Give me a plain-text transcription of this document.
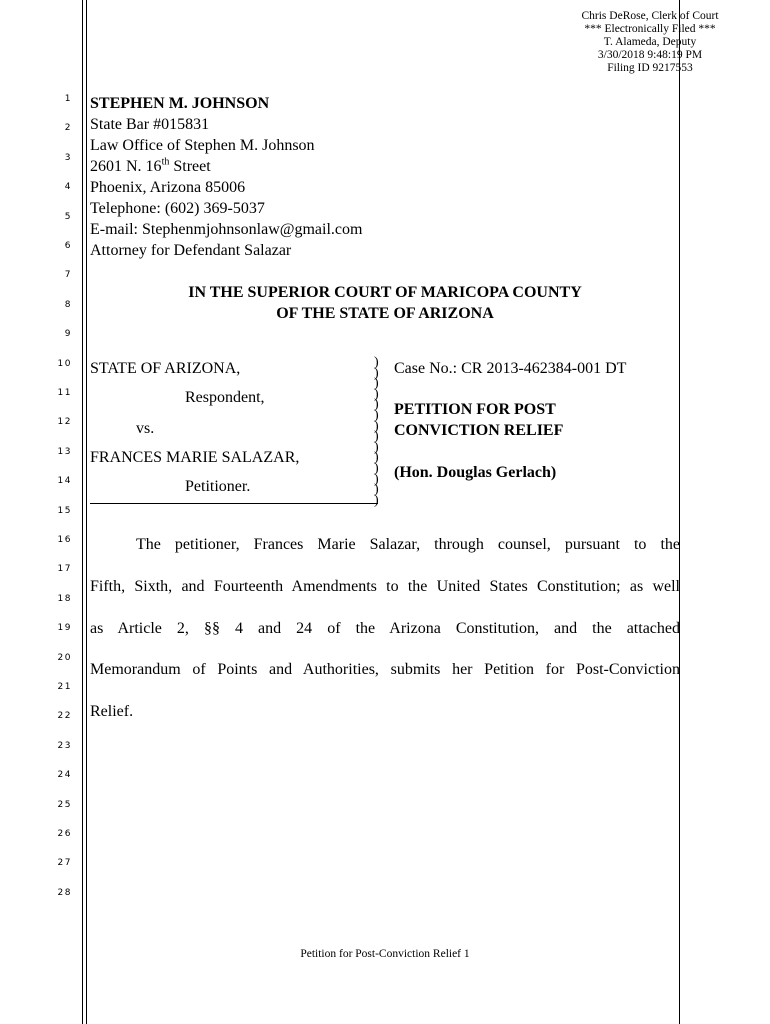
Chris DeRose, Clerk of Court
*** Electronically Filed ***
T. Alameda, Deputy
3/30/2018 9:48:19 PM
Filing ID 9217553
1
2
3
4
5
6
7
8
9
10
11
12
13
14
15
16
17
18
19
20
21
22
23
24
25
26
27
28
STEPHEN M. JOHNSON
State Bar #015831
Law Office of Stephen M. Johnson
2601 N. 16th Street
Phoenix, Arizona 85006
Telephone: (602) 369-5037
E-mail: Stephenmjohnsonlaw@gmail.com
Attorney for Defendant Salazar
IN THE SUPERIOR COURT OF MARICOPA COUNTY
OF THE STATE OF ARIZONA
STATE OF ARIZONA,
Respondent,
vs.
FRANCES MARIE SALAZAR,
Petitioner.
)
)
)
)
)
)
)
)
)
)
)
)
)
)
Case No.: CR 2013-462384-001 DT
PETITION FOR POST
CONVICTION RELIEF
(Hon. Douglas Gerlach)
The petitioner, Frances Marie Salazar, through counsel, pursuant to the
Fifth, Sixth, and Fourteenth Amendments to the United States Constitution; as well
as Article 2, §§ 4 and 24 of the Arizona Constitution, and the attached
Memorandum of Points and Authorities, submits her Petition for Post-Conviction
Relief.
Petition for Post-Conviction Relief 1
